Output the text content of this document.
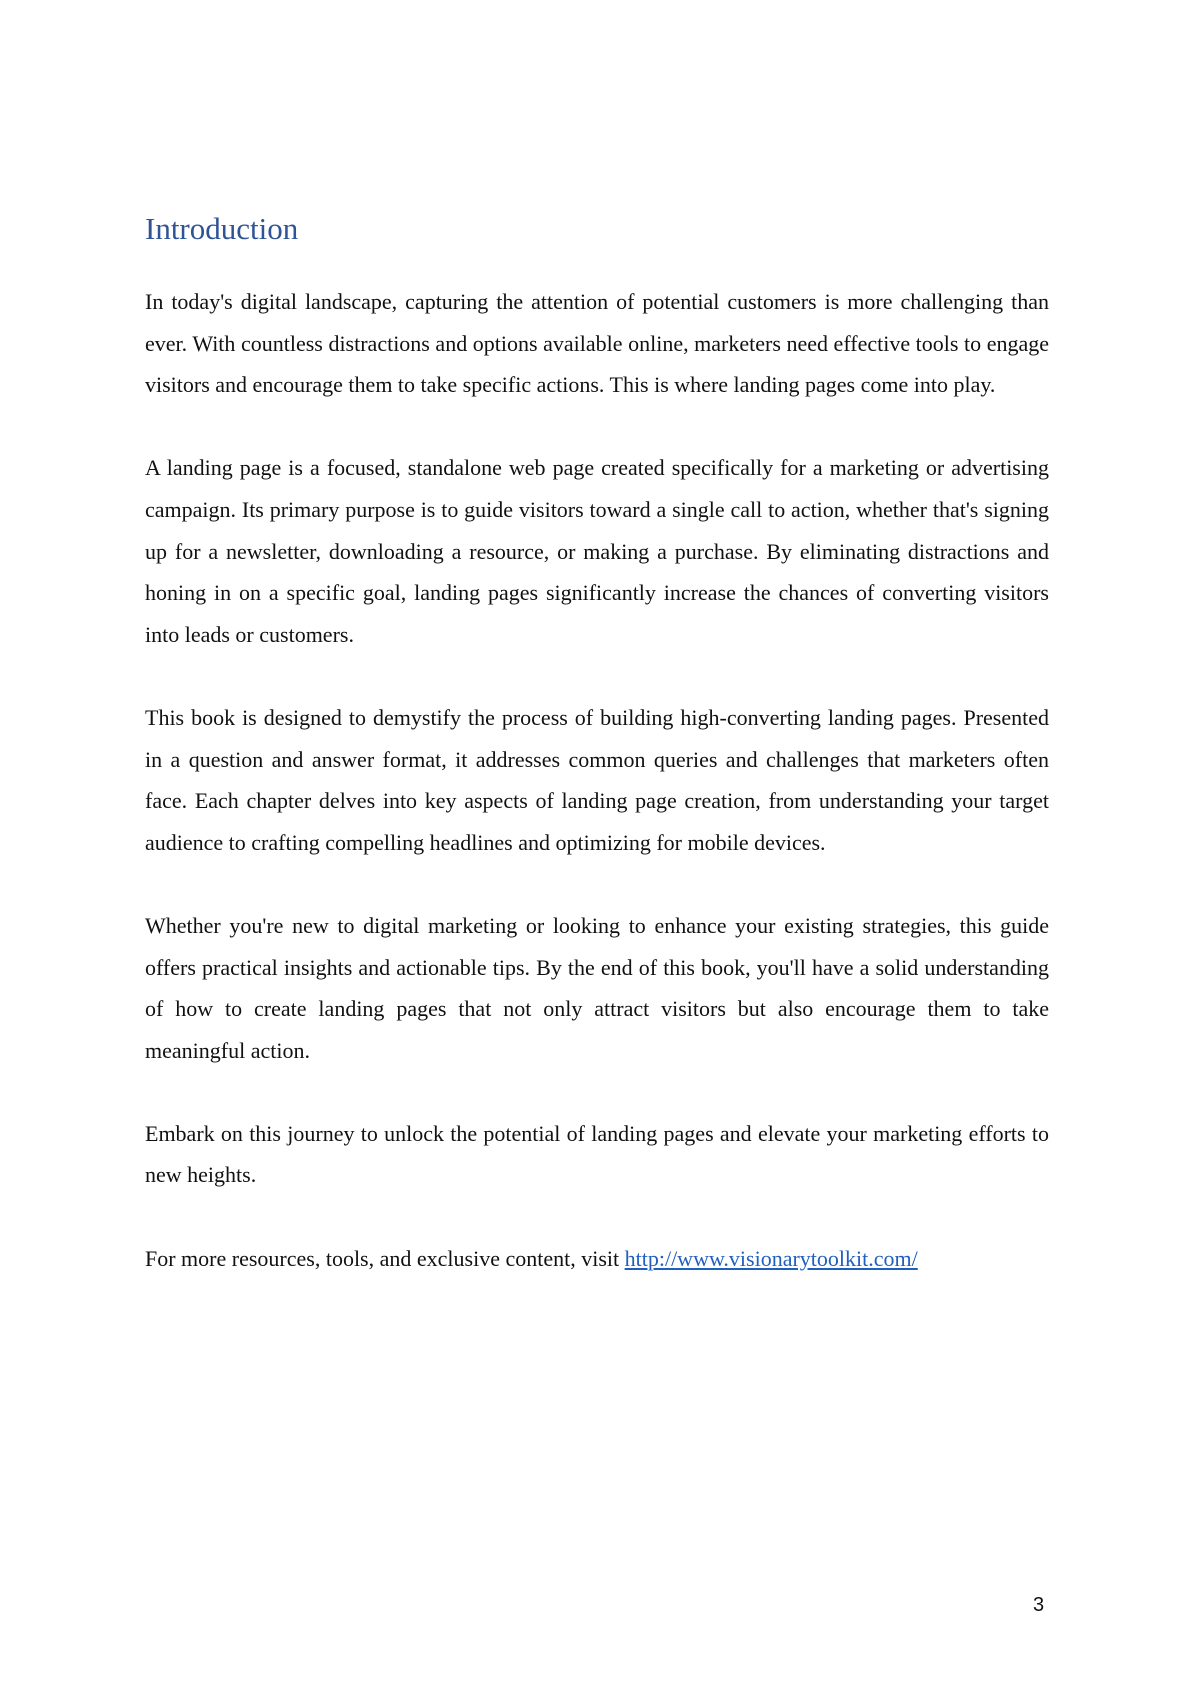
Introduction

In today's digital landscape, capturing the attention of potential customers is more challenging than ever. With countless distractions and options available online, marketers need effective tools to engage visitors and encourage them to take specific actions. This is where landing pages come into play.

A landing page is a focused, standalone web page created specifically for a marketing or advertising campaign. Its primary purpose is to guide visitors toward a single call to action, whether that's signing up for a newsletter, downloading a resource, or making a purchase. By eliminating distractions and honing in on a specific goal, landing pages significantly increase the chances of converting visitors into leads or customers.

This book is designed to demystify the process of building high-converting landing pages. Presented in a question and answer format, it addresses common queries and challenges that marketers often face. Each chapter delves into key aspects of landing page creation, from understanding your target audience to crafting compelling headlines and optimizing for mobile devices.

Whether you're new to digital marketing or looking to enhance your existing strategies, this guide offers practical insights and actionable tips. By the end of this book, you'll have a solid understanding of how to create landing pages that not only attract visitors but also encourage them to take meaningful action.

Embark on this journey to unlock the potential of landing pages and elevate your marketing efforts to new heights.

For more resources, tools, and exclusive content, visit http://www.visionarytoolkit.com/

3
